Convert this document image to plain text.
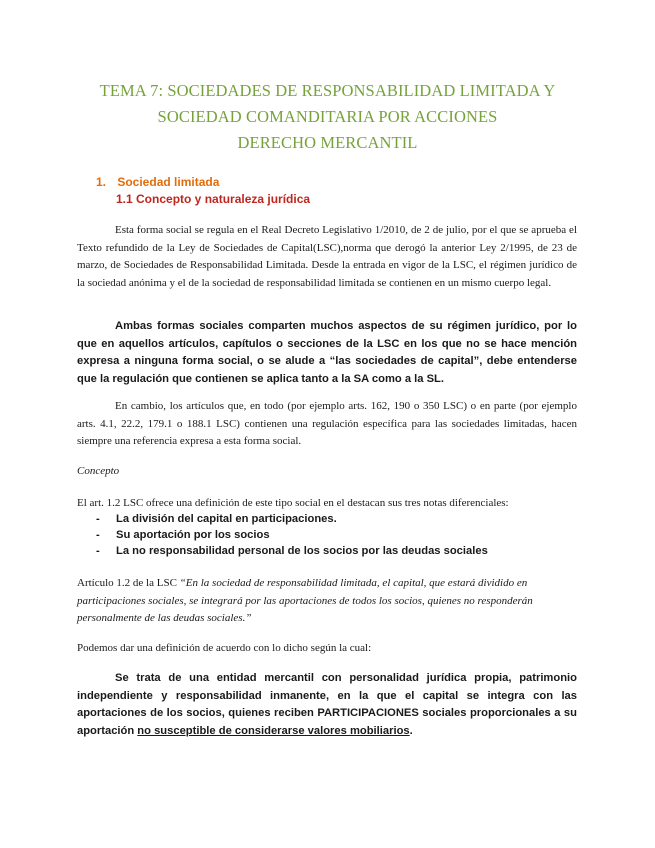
TEMA 7: SOCIEDADES DE RESPONSABILIDAD LIMITADA Y
SOCIEDAD COMANDITARIA POR ACCIONES
DERECHO MERCANTIL
1. Sociedad limitada
1.1 Concepto y naturaleza jurídica
Esta forma social se regula en el Real Decreto Legislativo 1/2010, de 2 de julio, por el que se aprueba el Texto refundido de la Ley de Sociedades de Capital(LSC),norma que derogó la anterior Ley 2/1995, de 23 de marzo, de Sociedades de Responsabilidad Limitada. Desde la entrada en vigor de la LSC, el régimen jurídico de la sociedad anónima y el de la sociedad de responsabilidad limitada se contienen en un mismo cuerpo legal.
Ambas formas sociales comparten muchos aspectos de su régimen jurídico, por lo que en aquellos artículos, capítulos o secciones de la LSC en los que no se hace mención expresa a ninguna forma social, o se alude a “las sociedades de capital”, debe entenderse que la regulación que contienen se aplica tanto a la SA como a la SL.
En cambio, los artículos que, en todo (por ejemplo arts. 162, 190 o 350 LSC) o en parte (por ejemplo arts. 4.1, 22.2, 179.1 o 188.1 LSC) contienen una regulación específica para las sociedades limitadas, hacen siempre una referencia expresa a esta forma social.
Concepto
El art. 1.2 LSC ofrece una definición de este tipo social en el destacan sus tres notas diferenciales:
- La división del capital en participaciones.
- Su aportación por los socios
- La no responsabilidad personal de los socios por las deudas sociales
Artículo 1.2 de la LSC “En la sociedad de responsabilidad limitada, el capital, que estará dividido en participaciones sociales, se integrará por las aportaciones de todos los socios, quienes no responderán personalmente de las deudas sociales.”
Podemos dar una definición de acuerdo con lo dicho según la cual:
Se trata de una entidad mercantil con personalidad jurídica propia, patrimonio independiente y responsabilidad inmanente, en la que el capital se integra con las aportaciones de los socios, quienes reciben PARTICIPACIONES sociales proporcionales a su aportación no susceptible de considerarse valores mobiliarios.
